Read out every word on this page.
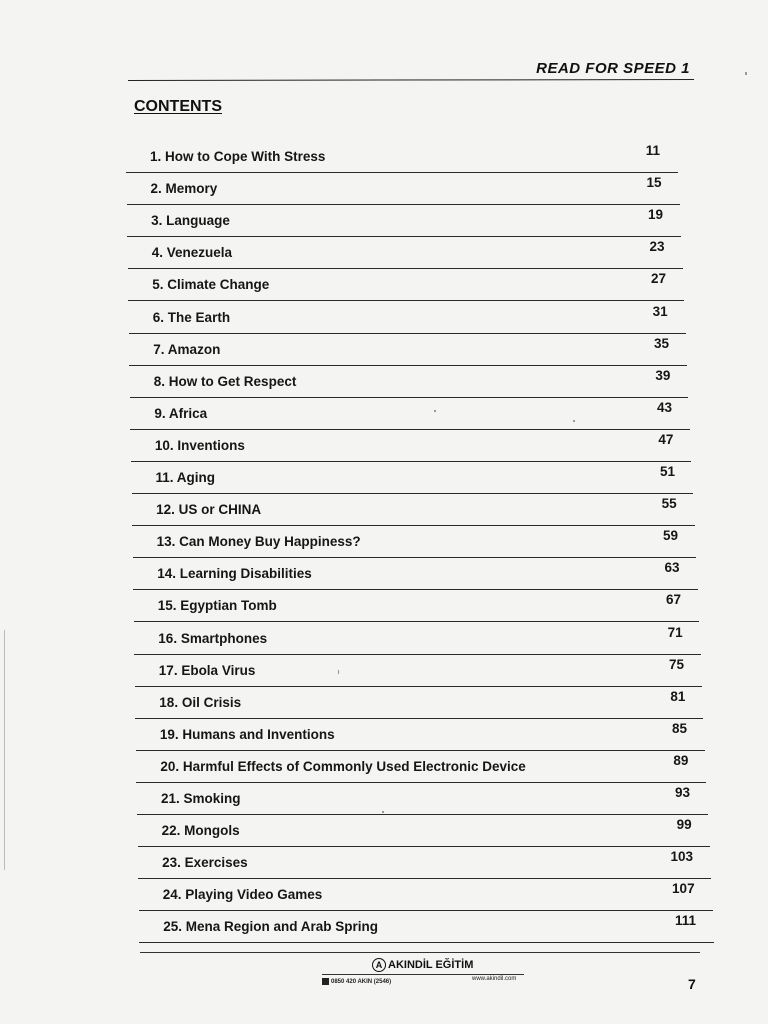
READ FOR SPEED 1
CONTENTS
1. How to Cope With Stress	11
2. Memory	15
3. Language	19
4. Venezuela	23
5. Climate Change	27
6. The Earth	31
7. Amazon	35
8. How to Get Respect	39
9. Africa	43
10. Inventions	47
11. Aging	51
12. US or CHINA	55
13. Can Money Buy Happiness?	59
14. Learning Disabilities	63
15. Egyptian Tomb	67
16. Smartphones	71
17. Ebola Virus	75
18. Oil Crisis	81
19. Humans and Inventions	85
20. Harmful Effects of Commonly Used Electronic Device	89
21. Smoking	93
22. Mongols	99
23. Exercises	103
24. Playing Video Games	107
25. Mena Region and Arab Spring	111
A AKINDİL EĞİTİM
0850 420 AKIN (2546)	www.akindil.com	7
